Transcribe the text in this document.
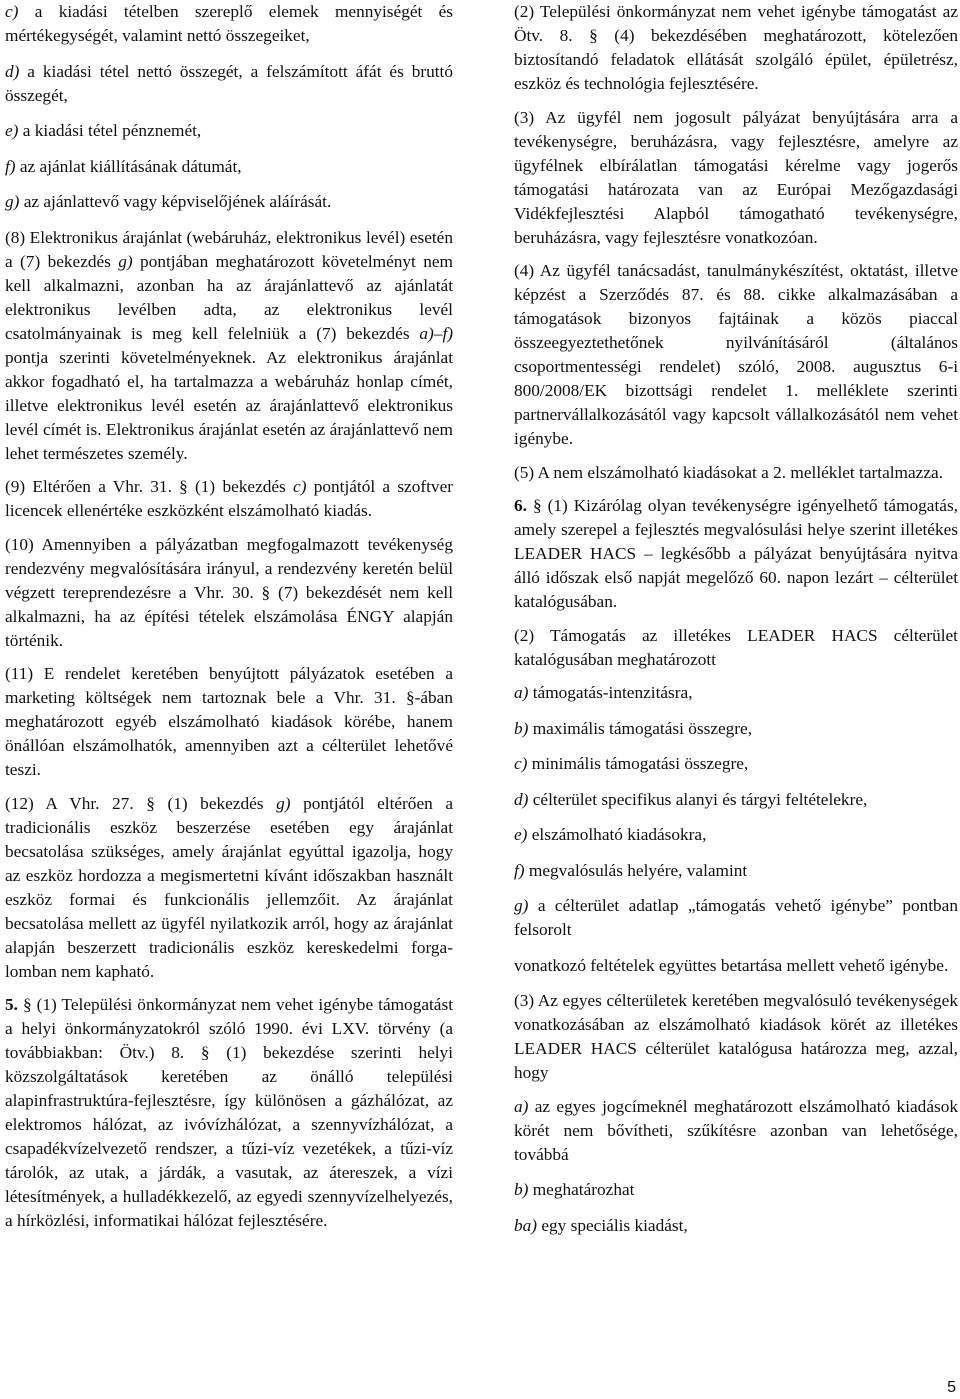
c) a kiadási tételben szereplő elemek mennyiségét és mértékegységét, valamint nettó összegeiket,

d) a kiadási tétel nettó összegét, a felszámított áfát és bruttó összegét,

e) a kiadási tétel pénznemét,

f) az ajánlat kiállításának dátumát,

g) az ajánlattevő vagy képviselőjének aláírását.

(8) Elektronikus árajánlat (webáruház, elektronikus levél) esetén a (7) bekezdés g) pontjában meghatározott követelményt nem kell alkalmazni, azonban ha az árajánlattevő az ajánlatát elektronikus levélben adta, az elektronikus levél csatolmányainak is meg kell felelniük a (7) bekezdés a)–f) pontja szerinti követelményeknek. Az elektronikus árajánlat akkor fogadható el, ha tartalmazza a webáruház honlap címét, illetve elektronikus levél esetén az árajánlattevő elektronikus levél címét is. Elektronikus árajánlat esetén az árajánlattevő nem lehet természetes személy.

(9) Eltérően a Vhr. 31. § (1) bekezdés c) pontjától a szoftver licencek ellenértéke eszközként elszámolható kiadás.

(10) Amennyiben a pályázatban megfogalmazott tevékenység rendezvény megvalósítására irányul, a rendezvény keretén belül végzett tereprendezésre a Vhr. 30. § (7) bekezdését nem kell alkalmazni, ha az építési tételek elszámolása ÉNGY alapján történik.

(11) E rendelet keretében benyújtott pályázatok esetében a marketing költségek nem tartoznak bele a Vhr. 31. §-ában meghatározott egyéb elszámolható kiadások körébe, hanem önállóan elszámolhatók, amennyiben azt a célterület lehetővé teszi.

(12) A Vhr. 27. § (1) bekezdés g) pontjától eltérően a tradicionális eszköz beszerzése esetében egy árajánlat becsatolása szükséges, amely árajánlat egyúttal igazolja, hogy az eszköz hordozza a megismertetni kívánt időszakban használt eszköz formai és funkcionális jellemzőit. Az árajánlat becsatolása mellett az ügyfél nyilatkozik arról, hogy az árajánlat alapján beszerzett tradicionális eszköz kereskedelmi forgalomban nem kapható.

5. § (1) Települési önkormányzat nem vehet igénybe támogatást a helyi önkormányzatokról szóló 1990. évi LXV. törvény (a továbbiakban: Ötv.) 8. § (1) bekezdése szerinti helyi közszolgáltatások keretében az önálló települési alapinfrastruktúra-fejlesztésre, így különösen a gázhálózat, az elektromos hálózat, az ivóvízhálózat, a szennyvízhálózat, a csapadékvízelvezető rendszer, a tűzi-víz vezetékek, a tűzi-víz tárolók, az utak, a járdák, a vasutak, az átereszek, a vízi létesítmények, a hulladékkezelő, az egyedi szennyvízelhelyezés, a hírközlési, informatikai hálózat fejlesztésére.

(2) Települési önkormányzat nem vehet igénybe támogatást az Ötv. 8. § (4) bekezdésében meghatározott, kötelezően biztosítandó feladatok ellátását szolgáló épület, épületrész, eszköz és technológia fejlesztésére.

(3) Az ügyfél nem jogosult pályázat benyújtására arra a tevékenységre, beruházásra, vagy fejlesztésre, amelyre az ügyfélnek elbírálatlan támogatási kérelme vagy jogerős támogatási határozata van az Európai Mezőgazdasági Vidékfejlesztési Alapból támogatható tevékenységre, beruházásra, vagy fejlesztésre vonatkozóan.

(4) Az ügyfél tanácsadást, tanulmánykészítést, oktatást, illetve képzést a Szerződés 87. és 88. cikke alkalmazásában a támogatások bizonyos fajtáinak a közös piaccal összeegyeztethetőnek nyilvánításáról (általános csoportmentességi rendelet) szóló, 2008. augusztus 6-i 800/2008/EK bizottsági rendelet 1. melléklete szerinti partnervállalkozásától vagy kapcsolt vállalkozásától nem vehet igénybe.

(5) A nem elszámolható kiadásokat a 2. melléklet tartalmazza.

6. § (1) Kizárólag olyan tevékenységre igényelhető támogatás, amely szerepel a fejlesztés megvalósulási helye szerint illetékes LEADER HACS – legkésőbb a pályázat benyújtására nyitva álló időszak első napját megelőző 60. napon lezárt – célterület katalógusában.

(2) Támogatás az illetékes LEADER HACS célterület katalógusában meghatározott

a) támogatás-intenzitásra,

b) maximális támogatási összegre,

c) minimális támogatási összegre,

d) célterület specifikus alanyi és tárgyi feltételekre,

e) elszámolható kiadásokra,

f) megvalósulás helyére, valamint

g) a célterület adatlap „támogatás vehető igénybe” pontban felsorolt

vonatkozó feltételek együttes betartása mellett vehető igénybe.

(3) Az egyes célterületek keretében megvalósuló tevékenységek vonatkozásában az elszámolható kiadások körét az illetékes LEADER HACS célterület katalógusa határozza meg, azzal, hogy

a) az egyes jogcímeknél meghatározott elszámolható kiadások körét nem bővítheti, szűkítésre azonban van lehetősége, továbbá

b) meghatározhat

ba) egy speciális kiadást,

5
